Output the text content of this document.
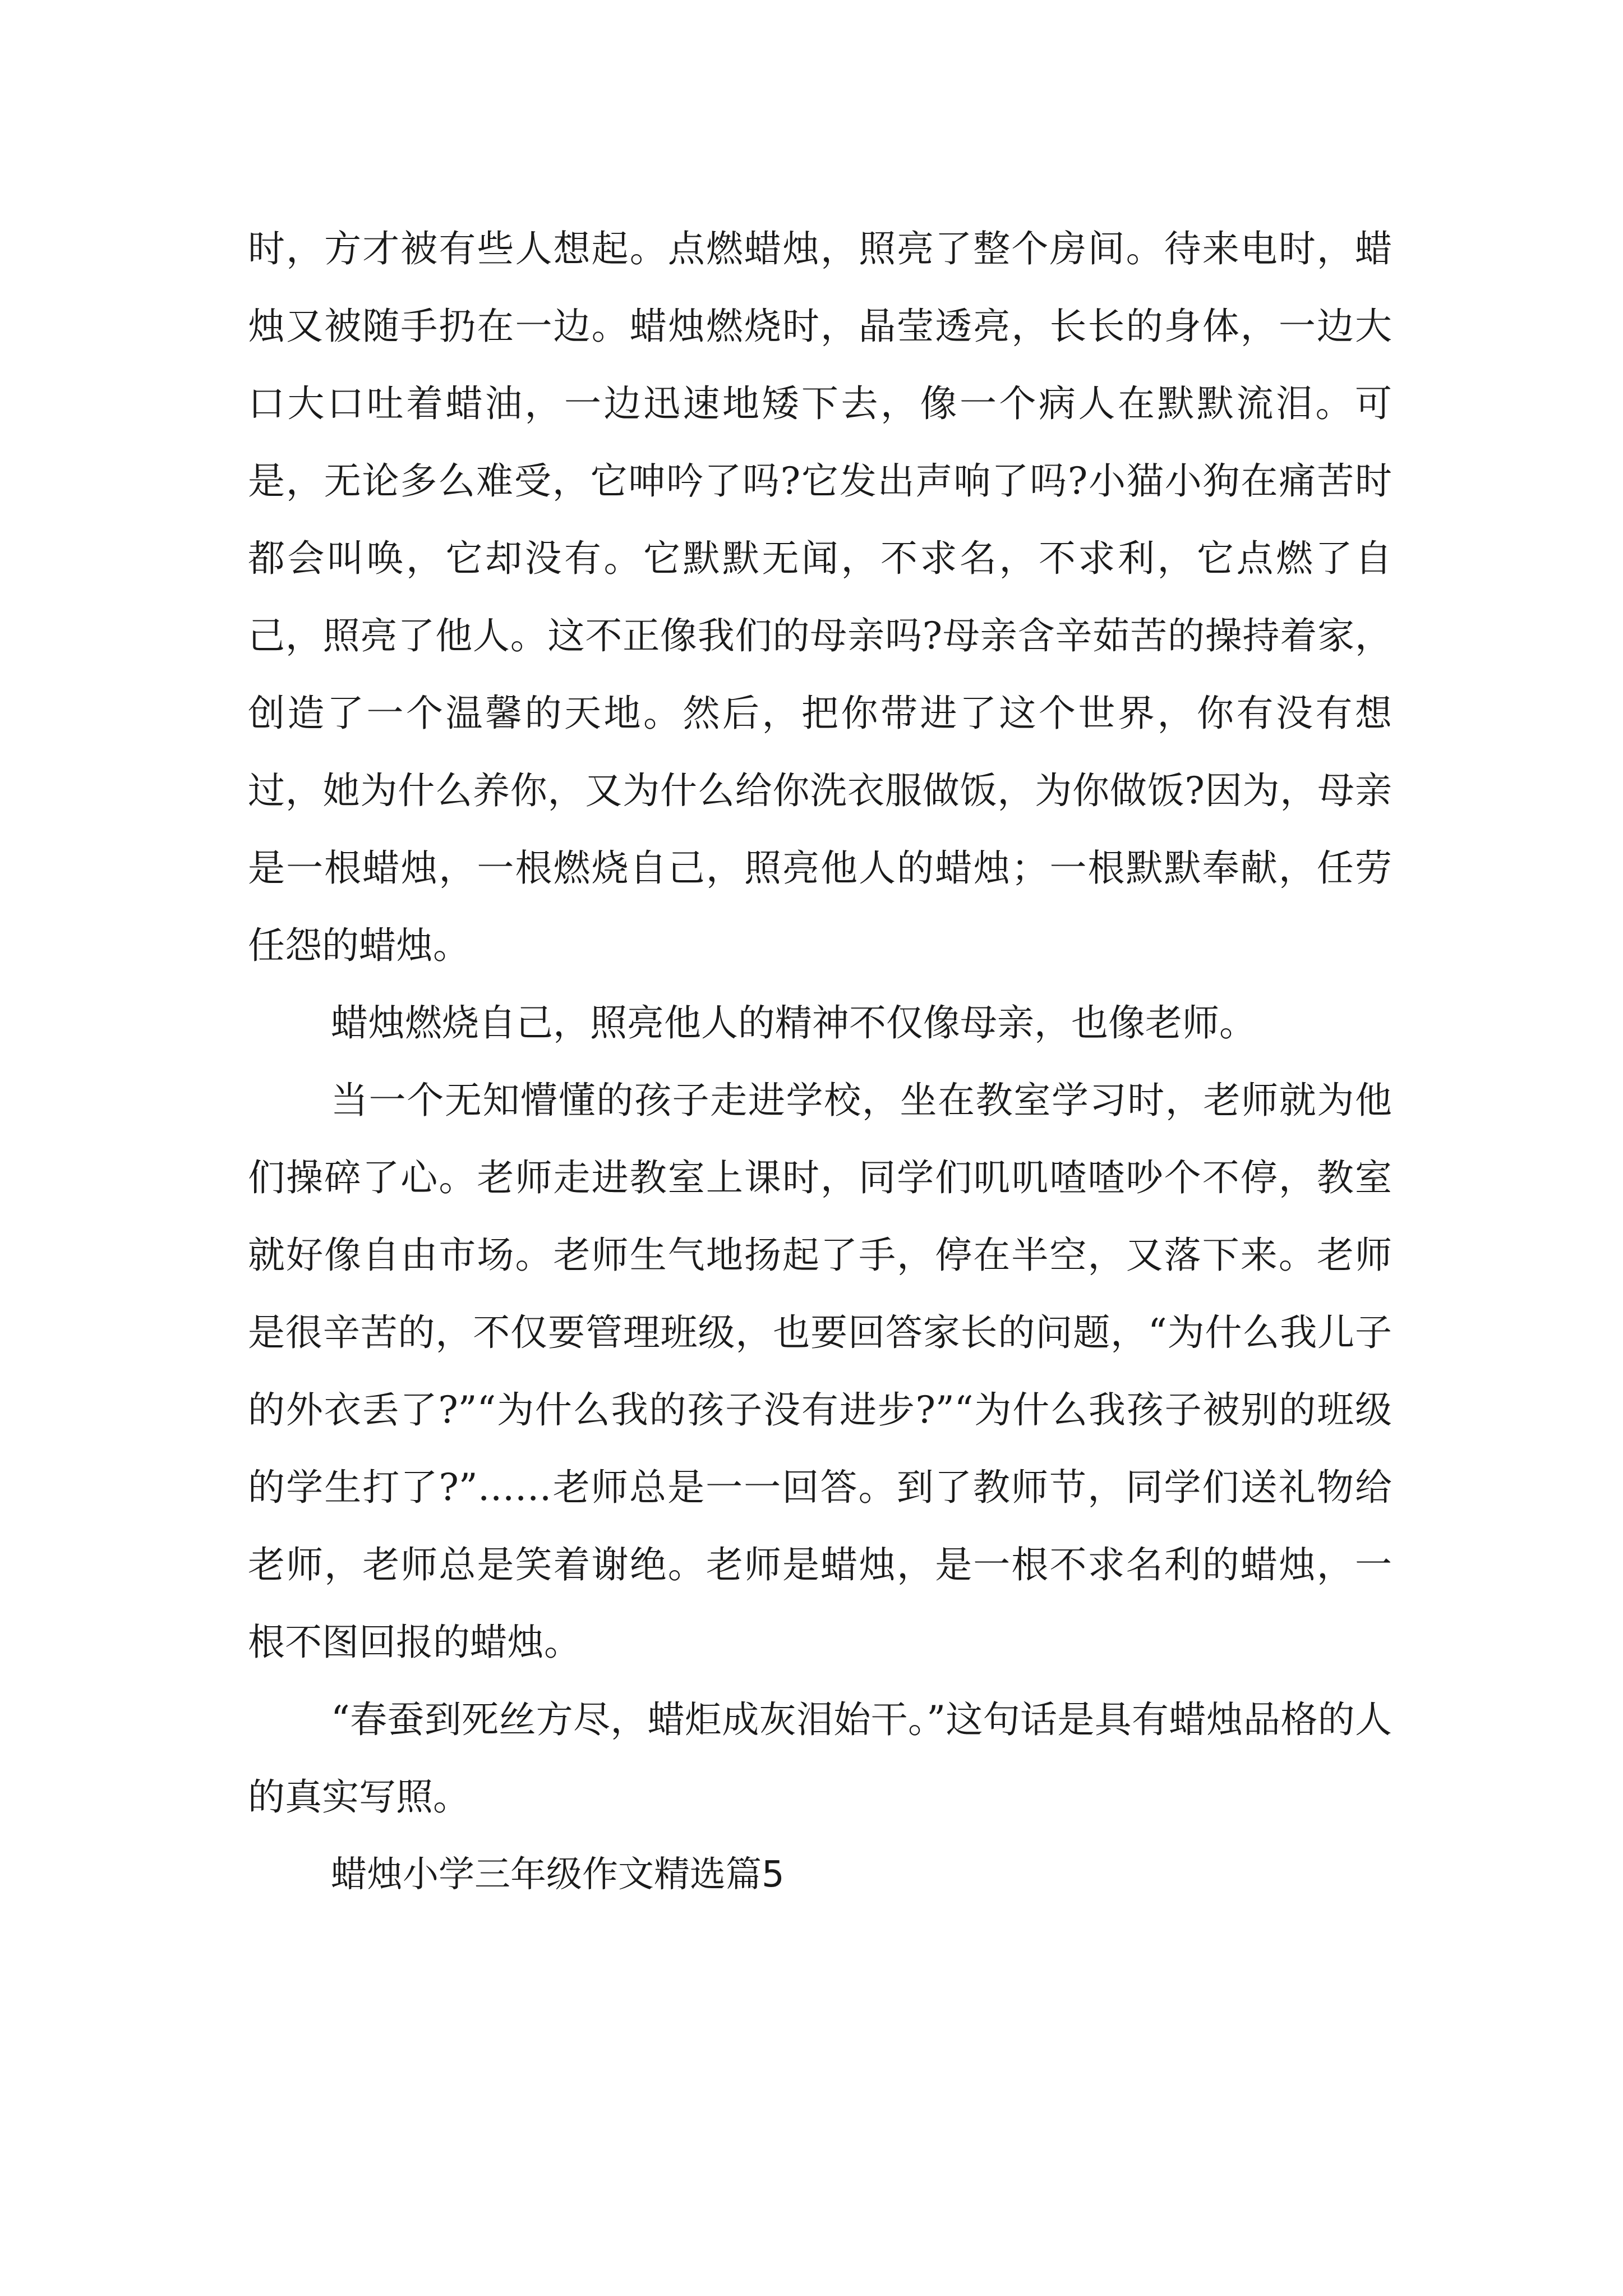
时，方才被有些人想起。点燃蜡烛，照亮了整个房间。待来电时，蜡烛又被随手扔在一边。蜡烛燃烧时，晶莹透亮，长长的身体，一边大口大口吐着蜡油，一边迅速地矮下去，像一个病人在默默流泪。可是，无论多么难受，它呻吟了吗?它发出声响了吗?小猫小狗在痛苦时都会叫唤，它却没有。它默默无闻，不求名，不求利，它点燃了自己，照亮了他人。这不正像我们的母亲吗?母亲含辛茹苦的操持着家，创造了一个温馨的天地。然后，把你带进了这个世界，你有没有想过，她为什么养你，又为什么给你洗衣服做饭，为你做饭?因为，母亲是一根蜡烛，一根燃烧自己，照亮他人的蜡烛；一根默默奉献，任劳任怨的蜡烛。

蜡烛燃烧自己，照亮他人的精神不仅像母亲，也像老师。

当一个无知懵懂的孩子走进学校，坐在教室学习时，老师就为他们操碎了心。老师走进教室上课时，同学们叽叽喳喳吵个不停，教室就好像自由市场。老师生气地扬起了手，停在半空，又落下来。老师是很辛苦的，不仅要管理班级，也要回答家长的问题，“为什么我儿子的外衣丢了?”“为什么我的孩子没有进步?”“为什么我孩子被别的班级的学生打了?”……老师总是一一回答。到了教师节，同学们送礼物给老师，老师总是笑着谢绝。老师是蜡烛，是一根不求名利的蜡烛，一根不图回报的蜡烛。

“春蚕到死丝方尽，蜡炬成灰泪始干。”这句话是具有蜡烛品格的人的真实写照。

蜡烛小学三年级作文精选篇5
